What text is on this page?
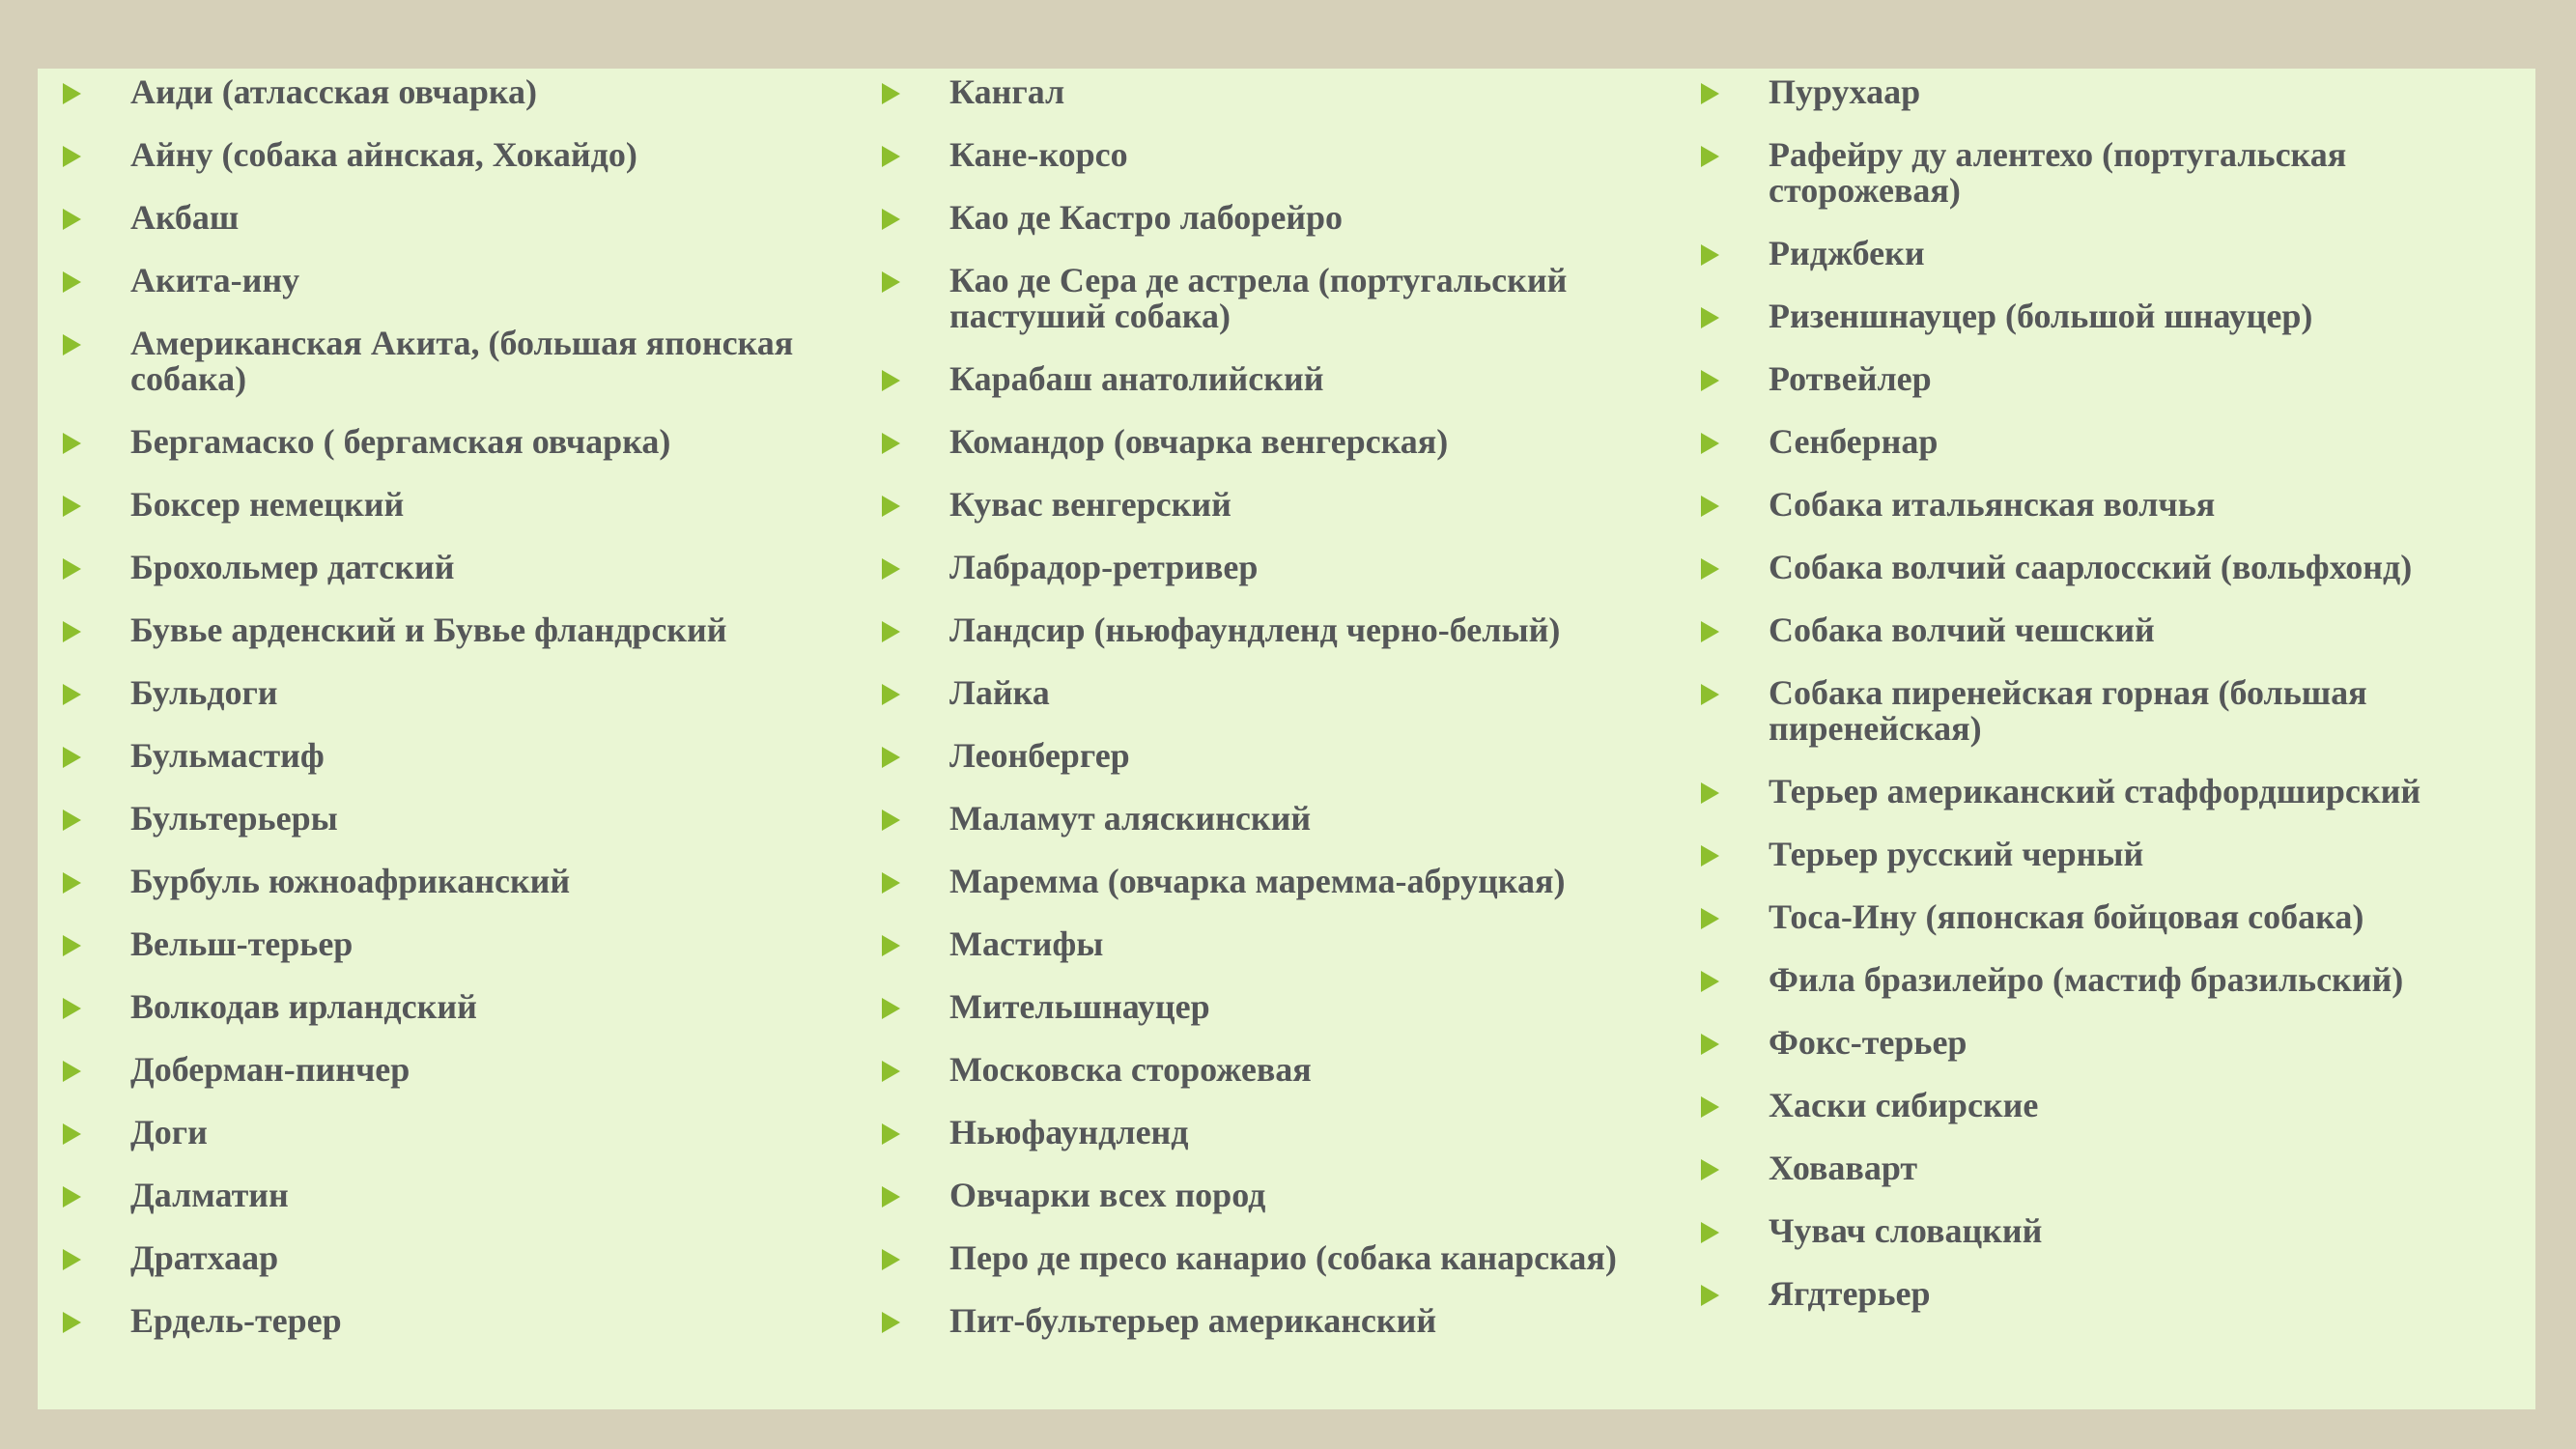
Аиди (атласская овчарка)
Айну (собака айнская, Хокайдо)
Акбаш
Акита-ину
Американская Акита, (большая японская
собака)
Бергамаско ( бергамская овчарка)
Боксер немецкий
Брохольмер датский
Бувье арденский и Бувье фландрский
Бульдоги
Бульмастиф
Бультерьеры
Бурбуль южноафриканский
Вельш-терьер
Волкодав ирландский
Доберман-пинчер
Доги
Далматин
Дратхаар
Ердель-терер
Кангал
Кане-корсо
Као де Кастро лаборейро
Као де Сера де астрела (португальский
пастуший собака)
Карабаш анатолийский
Командор (овчарка венгерская)
Кувас венгерский
Лабрадор-ретривер
Ландсир (ньюфаундленд черно-белый)
Лайка
Леонбергер
Маламут аляскинский
Маремма (овчарка маремма-абруцкая)
Мастифы
Мительшнауцер
Московска сторожевая
Ньюфаундленд
Овчарки всех пород
Перо де пресо канарио (собака канарская)
Пит-бультерьер американский
Пурухаар
Рафейру ду алентехо (португальская
сторожевая)
Риджбеки
Ризеншнауцер (большой шнауцер)
Ротвейлер
Сенбернар
Собака итальянская волчья
Собака волчий саарлосский (вольфхонд)
Собака волчий чешский
Собака пиренейская горная (большая
пиренейская)
Терьер американский стаффордширский
Терьер русский черный
Тоса-Ину (японская бойцовая собака)
Фила бразилейро (мастиф бразильский)
Фокс-терьер
Хаски сибирские
Ховаварт
Чувач словацкий
Ягдтерьер
